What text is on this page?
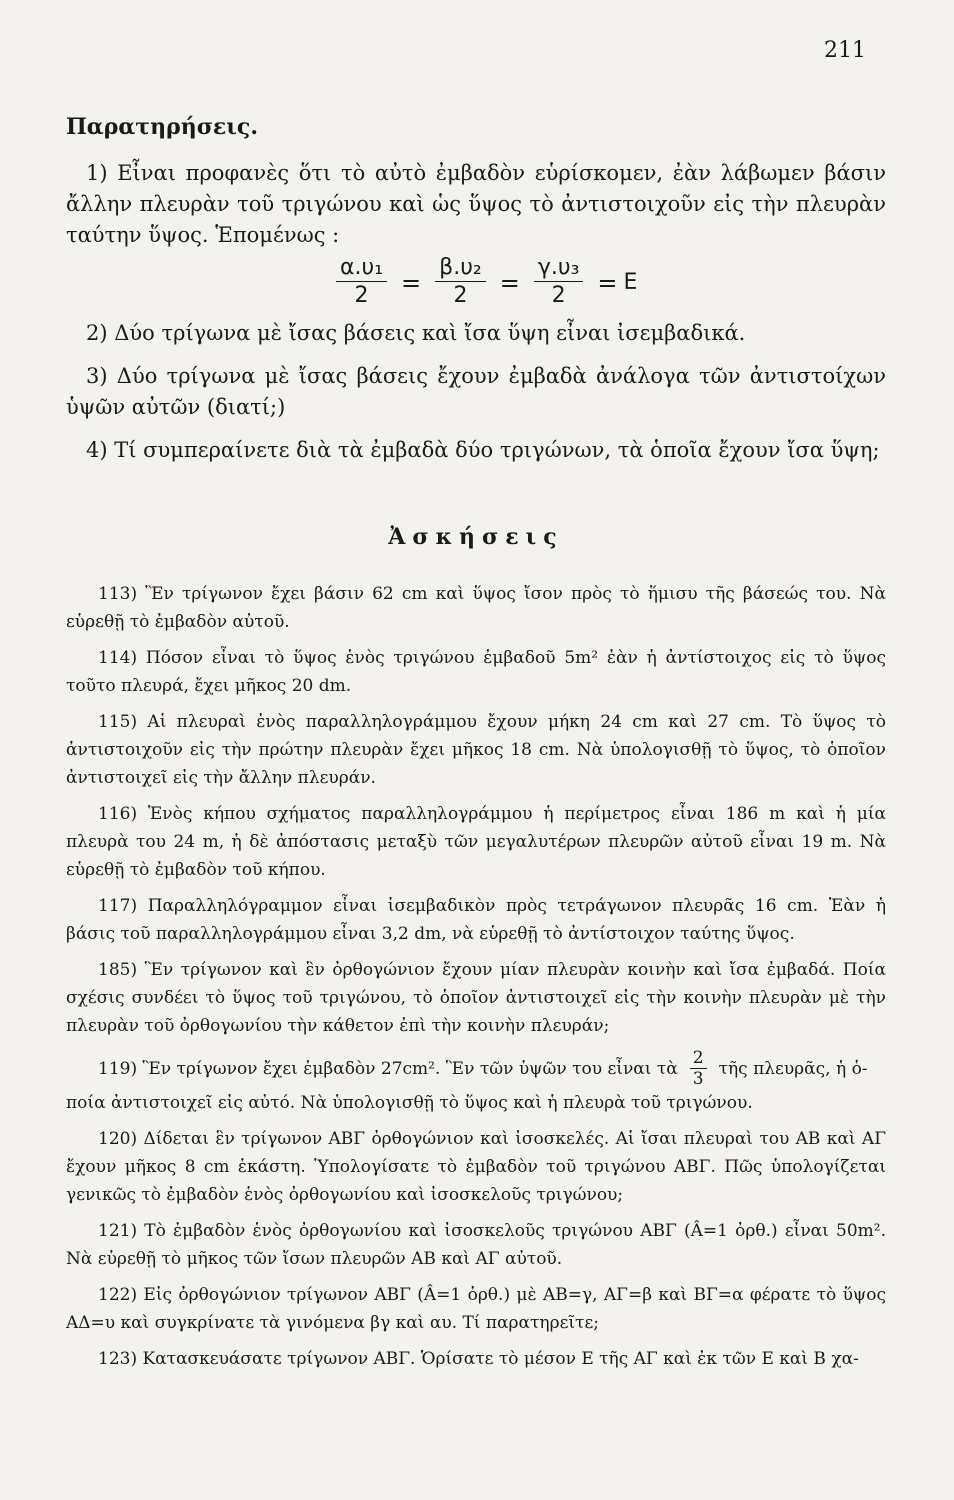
211
Παρατηρήσεις.
1) Εἶναι προφανὲς ὅτι τὸ αὐτὸ ἐμβαδὸν εὑρίσκομεν, ἐὰν λάβωμεν βάσιν ἄλλην πλευρὰν τοῦ τριγώνου καὶ ὡς ὕψος τὸ ἀντιστοιχοῦν εἰς τὴν πλευρὰν ταύτην ὕψος. Ἑπομένως :
$\frac{\text{α.υ₁}}{2} = \frac{\text{β.υ₂}}{2} = \frac{\text{γ.υ₃}}{2} = E$
2) Δύο τρίγωνα μὲ ἴσας βάσεις καὶ ἴσα ὕψη εἶναι ἰσεμβαδικά.
3) Δύο τρίγωνα μὲ ἴσας βάσεις ἔχουν ἐμβαδὰ ἀνάλογα τῶν ἀντιστοίχων ὑψῶν αὐτῶν (διατί;)
4) Τί συμπεραίνετε διὰ τὰ ἐμβαδὰ δύο τριγώνων, τὰ ὁποῖα ἔχουν ἴσα ὕψη;
Ἀσκήσεις
113) Ἓν τρίγωνον ἔχει βάσιν 62 cm καὶ ὕψος ἴσον πρὸς τὸ ἥμισυ τῆς βάσεώς του. Νὰ εὑρεθῇ τὸ ἐμβαδὸν αὐτοῦ.
114) Πόσον εἶναι τὸ ὕψος ἑνὸς τριγώνου ἐμβαδοῦ 5m² ἐὰν ἡ ἀντίστοιχος εἰς τὸ ὕψος τοῦτο πλευρά, ἔχει μῆκος 20 dm.
115) Αἱ πλευραὶ ἑνὸς παραλληλογράμμου ἔχουν μήκη 24 cm καὶ 27 cm. Τὸ ὕψος τὸ ἀντιστοιχοῦν εἰς τὴν πρώτην πλευρὰν ἔχει μῆκος 18 cm. Νὰ ὑπολογισθῇ τὸ ὕψος, τὸ ὁποῖον ἀντιστοιχεῖ εἰς τὴν ἄλλην πλευράν.
116) Ἑνὸς κήπου σχήματος παραλληλογράμμου ἡ περίμετρος εἶναι 186 m καὶ ἡ μία πλευρὰ του 24 m, ἡ δὲ ἀπόστασις μεταξὺ τῶν μεγαλυτέρων πλευρῶν αὐτοῦ εἶναι 19 m. Νὰ εὑρεθῇ τὸ ἐμβαδὸν τοῦ κήπου.
117) Παραλληλόγραμμον εἶναι ἰσεμβαδικὸν πρὸς τετράγωνον πλευρᾶς 16 cm. Ἐὰν ἡ βάσις τοῦ παραλληλογράμμου εἶναι 3,2 dm, νὰ εὑρεθῇ τὸ ἀντίστοιχον ταύτης ὕψος.
185) Ἓν τρίγωνον καὶ ἓν ὀρθογώνιον ἔχουν μίαν πλευρὰν κοινὴν καὶ ἴσα ἐμβαδά. Ποία σχέσις συνδέει τὸ ὕψος τοῦ τριγώνου, τὸ ὁποῖον ἀντιστοιχεῖ εἰς τὴν κοινὴν πλευρὰν μὲ τὴν πλευρὰν τοῦ ὀρθογωνίου τὴν κάθετον ἐπὶ τὴν κοινὴν πλευράν;
119) Ἓν τρίγωνον ἔχει ἐμβαδὸν 27cm². Ἓν τῶν ὑψῶν του εἶναι τὰ $\frac{2}{3}$ τῆς πλευρᾶς, ἡ ὁ-
ποία ἀντιστοιχεῖ εἰς αὐτό. Νὰ ὑπολογισθῇ τὸ ὕψος καὶ ἡ πλευρὰ τοῦ τριγώνου.
120) Δίδεται ἓν τρίγωνον ΑΒΓ ὀρθογώνιον καὶ ἰσοσκελές. Αἱ ἴσαι πλευραὶ του ΑΒ καὶ ΑΓ ἔχουν μῆκος 8 cm ἑκάστη. Ὑπολογίσατε τὸ ἐμβαδὸν τοῦ τριγώνου ΑΒΓ. Πῶς ὑπολογίζεται γενικῶς τὸ ἐμβαδὸν ἑνὸς ὀρθογωνίου καὶ ἰσοσκελοῦς τριγώνου;
121) Τὸ ἐμβαδὸν ἑνὸς ὀρθογωνίου καὶ ἰσοσκελοῦς τριγώνου ΑΒΓ (Â=1 ὀρθ.) εἶναι 50m². Νὰ εὑρεθῇ τὸ μῆκος τῶν ἴσων πλευρῶν ΑΒ καὶ ΑΓ αὐτοῦ.
122) Εἰς ὀρθογώνιον τρίγωνον ΑΒΓ (Â=1 ὀρθ.) μὲ ΑΒ=γ, ΑΓ=β καὶ ΒΓ=α φέρατε τὸ ὕψος ΑΔ=υ καὶ συγκρίνατε τὰ γινόμενα βγ καὶ αυ. Τί παρατηρεῖτε;
123) Κατασκευάσατε τρίγωνον ΑΒΓ. Ὁρίσατε τὸ μέσον Ε τῆς ΑΓ καὶ ἐκ τῶν Ε καὶ Β χα-
